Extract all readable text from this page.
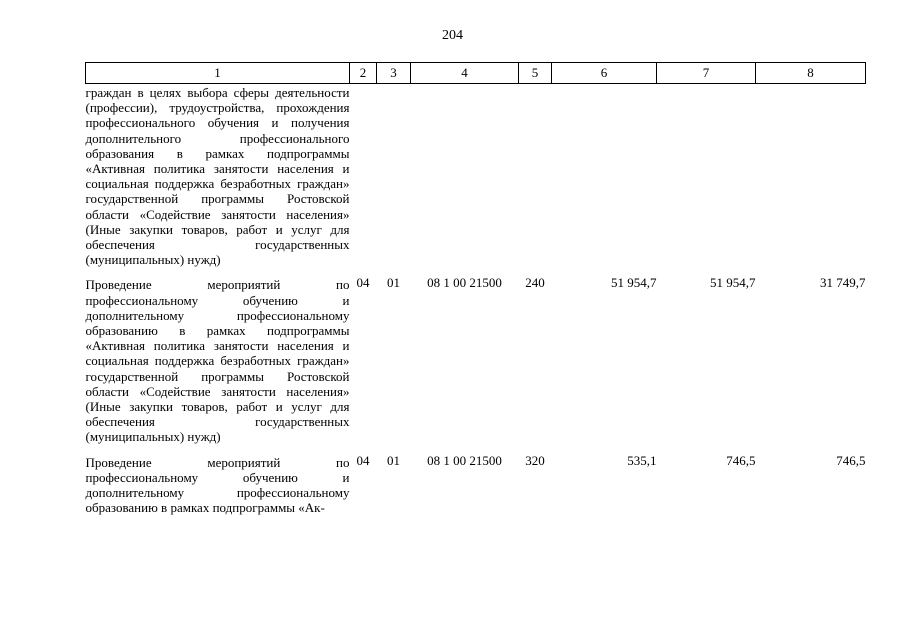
204
1	2	3	4	5	6	7	8

граждан в целях выбора сферы деятельности (профессии), трудоустройства, прохождения профессионального обучения и получения дополнительного профессионального образования в рамках подпрограммы «Активная политика занятости населения и социальная поддержка безработных граждан» государственной программы Ростовской области «Содействие занятости населения» (Иные закупки товаров, работ и услуг для обеспечения государственных (муниципальных) нужд)							

Проведение мероприятий по профессиональному обучению и дополнительному профессиональному образованию в рамках подпрограммы «Активная политика занятости населения и социальная поддержка безработных граждан» государственной программы Ростовской области «Содействие занятости населения» (Иные закупки товаров, работ и услуг для обеспечения государственных (муниципальных) нужд)	04	01	08 1 00 21500	240	51 954,7	51 954,7	31 749,7

Проведение мероприятий по профессиональному обучению и дополнительному профессиональному образованию в рамках подпрограммы «Ак-	04	01	08 1 00 21500	320	535,1	746,5	746,5
